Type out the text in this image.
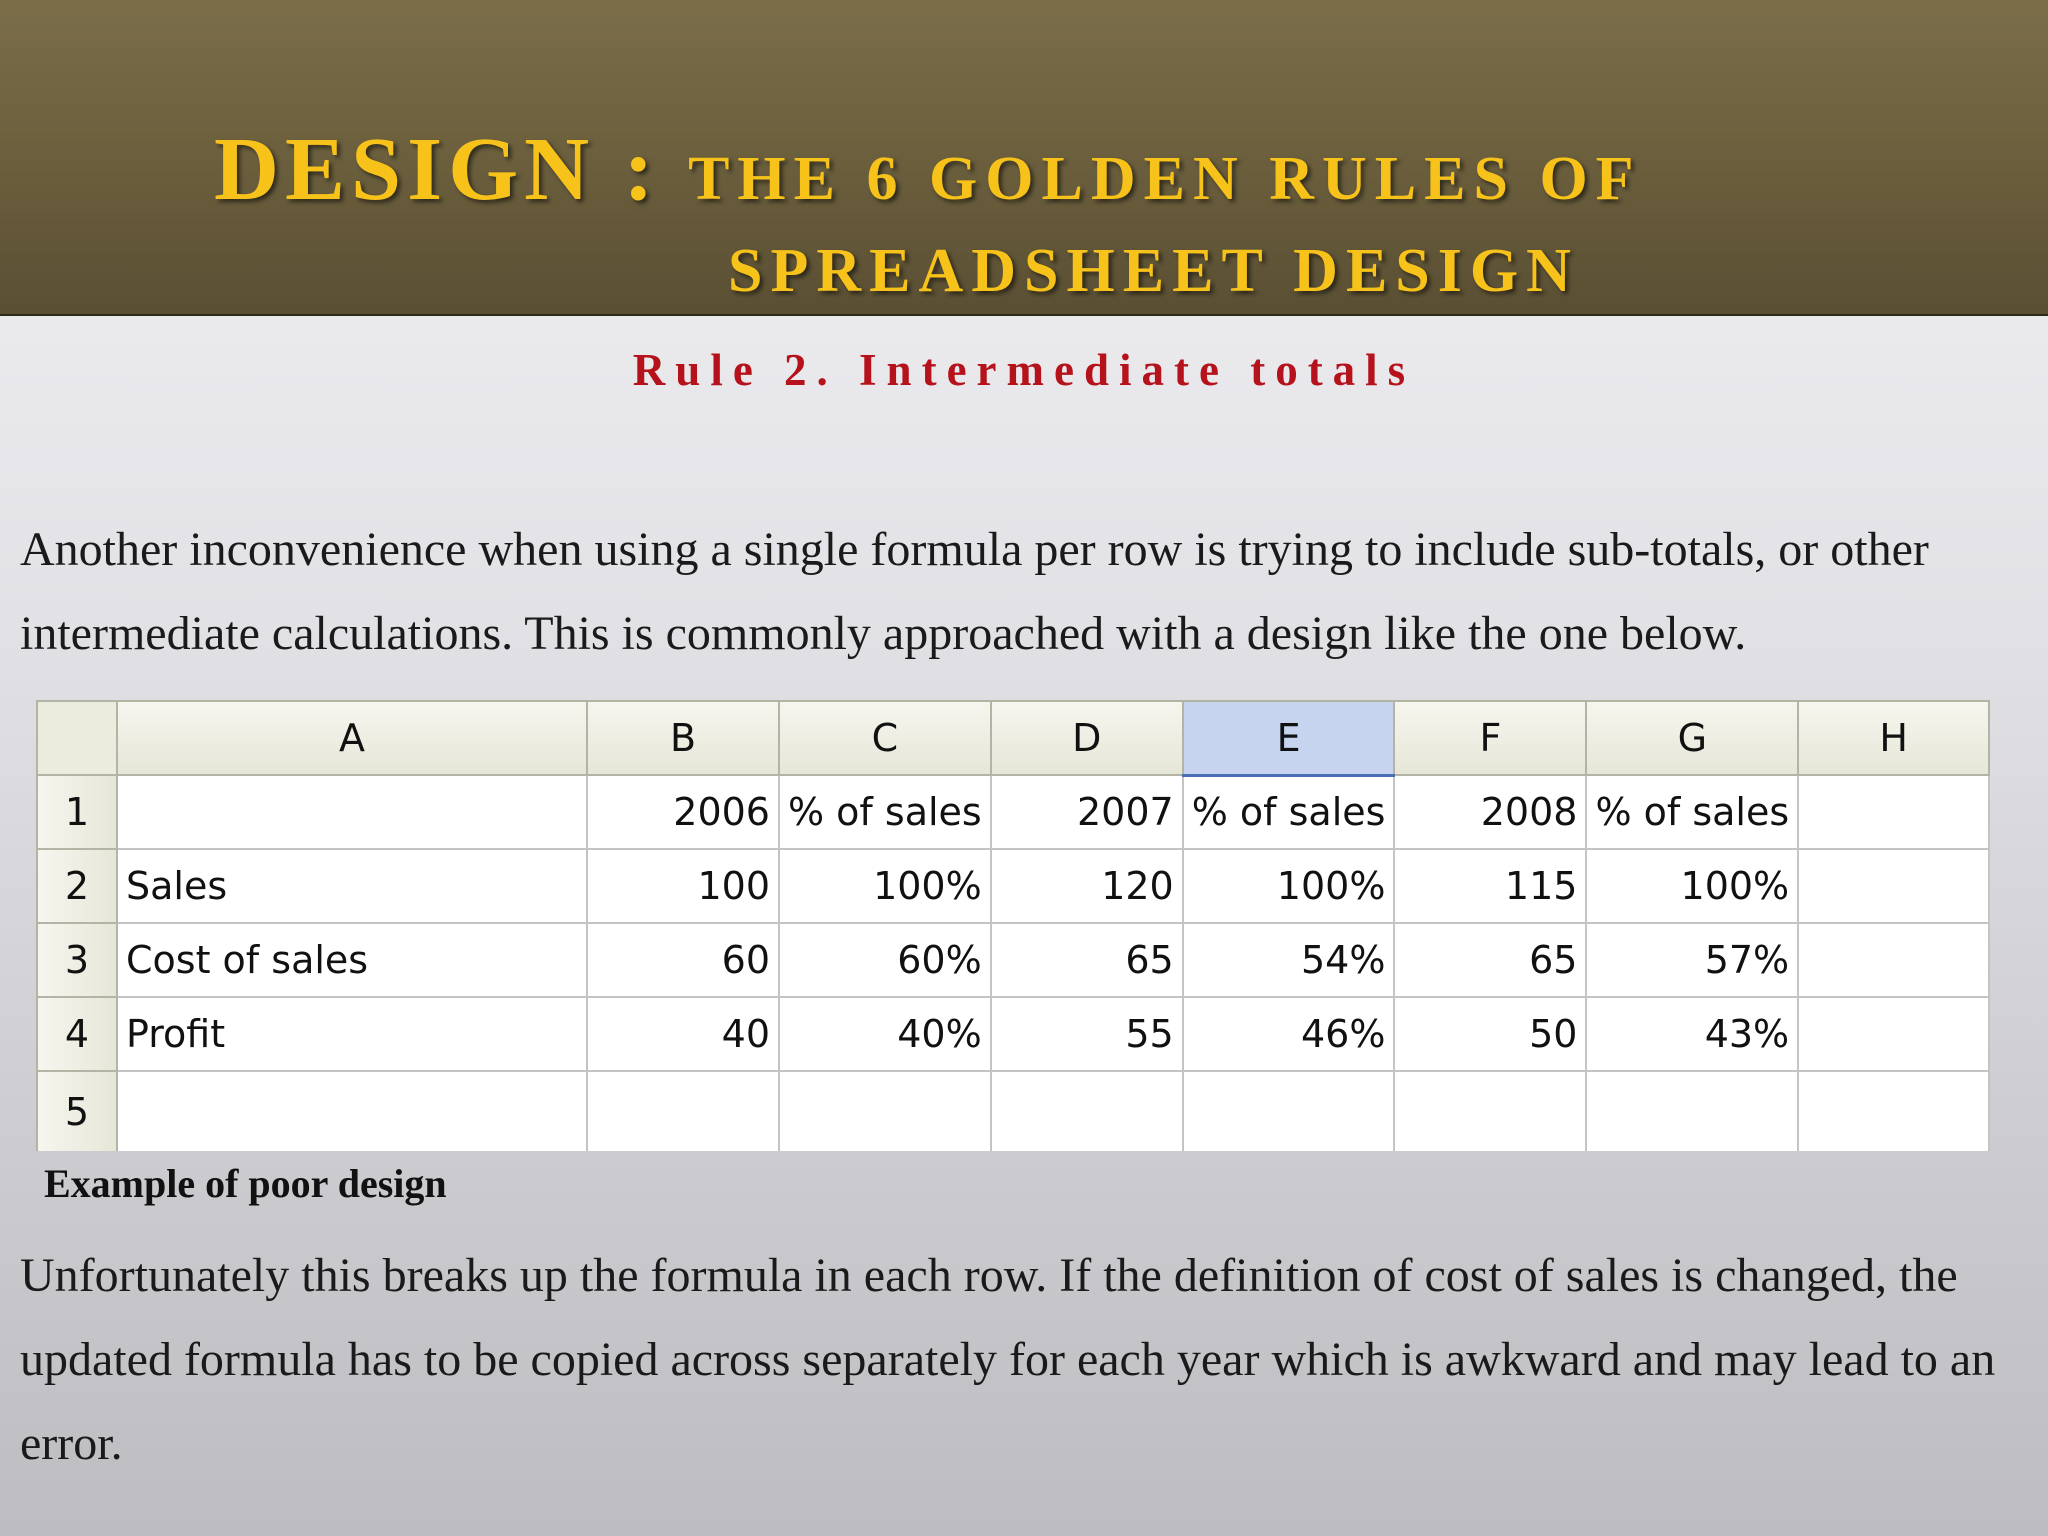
DESIGN : THE 6 GOLDEN RULES OF
SPREADSHEET DESIGN
Rule 2. Intermediate totals

Another inconvenience when using a single formula per row is trying to include sub-totals, or other intermediate calculations. This is commonly approached with a design like the one below.

	A	B	C	D	E	F	G	H
1		2006	% of sales	2007	% of sales	2008	% of sales	
2	Sales	100	100%	120	100%	115	100%	
3	Cost of sales	60	60%	65	54%	65	57%	
4	Profit	40	40%	55	46%	50	43%	
5								
Example of poor design

Unfortunately this breaks up the formula in each row. If the definition of cost of sales is changed, the updated formula has to be copied across separately for each year which is awkward and may lead to an error.
